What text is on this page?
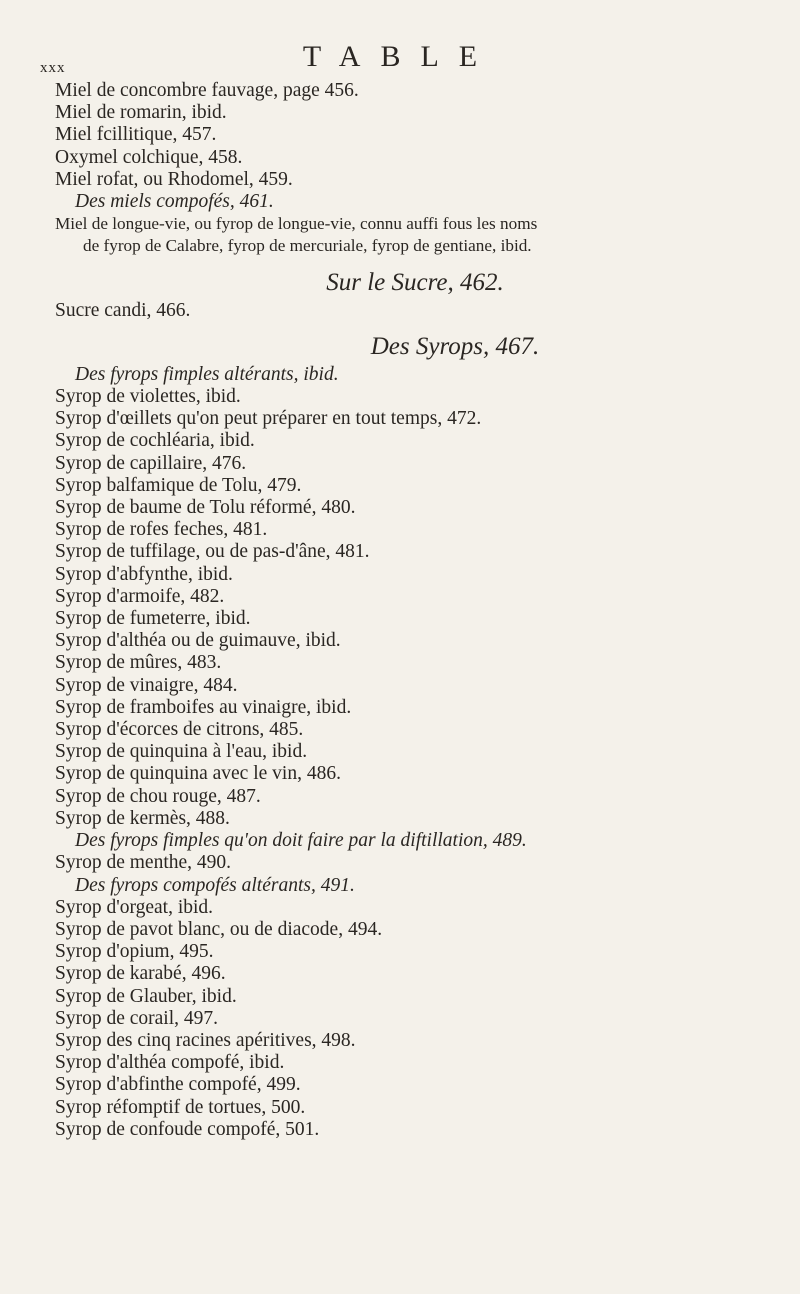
xxx	TABLE
Miel de concombre fauvage, page 456.
Miel de romarin, ibid.
Miel fcillitique, 457.
Oxymel colchique, 458.
Miel rofat, ou Rhodomel, 459.
Des miels compofés, 461.
Miel de longue-vie, ou fyrop de longue-vie, connu auffi fous les noms
de fyrop de Calabre, fyrop de mercuriale, fyrop de gentiane, ibid.
Sur le Sucre, 462.
Sucre candi, 466.
Des Syrops, 467.
Des fyrops fimples altérants, ibid.
Syrop de violettes, ibid.
Syrop d'œillets qu'on peut préparer en tout temps, 472.
Syrop de cochléaria, ibid.
Syrop de capillaire, 476.
Syrop balfamique de Tolu, 479.
Syrop de baume de Tolu réformé, 480.
Syrop de rofes feches, 481.
Syrop de tuffilage, ou de pas-d'âne, 481.
Syrop d'abfynthe, ibid.
Syrop d'armoife, 482.
Syrop de fumeterre, ibid.
Syrop d'althéa ou de guimauve, ibid.
Syrop de mûres, 483.
Syrop de vinaigre, 484.
Syrop de framboifes au vinaigre, ibid.
Syrop d'écorces de citrons, 485.
Syrop de quinquina à l'eau, ibid.
Syrop de quinquina avec le vin, 486.
Syrop de chou rouge, 487.
Syrop de kermès, 488.
Des fyrops fimples qu'on doit faire par la diftillation, 489.
Syrop de menthe, 490.
Des fyrops compofés altérants, 491.
Syrop d'orgeat, ibid.
Syrop de pavot blanc, ou de diacode, 494.
Syrop d'opium, 495.
Syrop de karabé, 496.
Syrop de Glauber, ibid.
Syrop de corail, 497.
Syrop des cinq racines apéritives, 498.
Syrop d'althéa compofé, ibid.
Syrop d'abfinthe compofé, 499.
Syrop réfomptif de tortues, 500.
Syrop de confoude compofé, 501.
